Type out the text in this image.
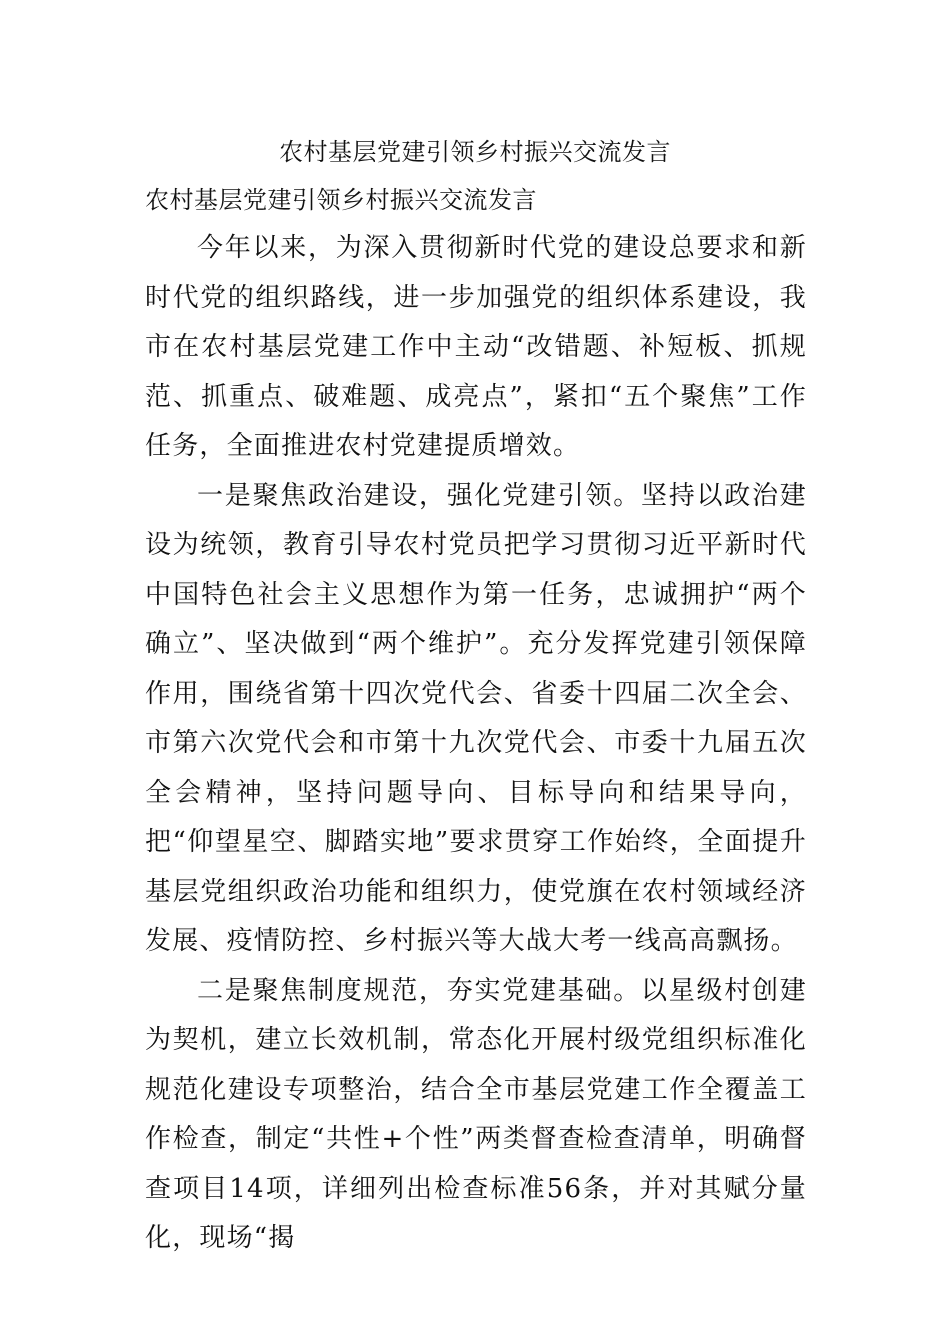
农村基层党建引领乡村振兴交流发言
农村基层党建引领乡村振兴交流发言

今年以来，为深入贯彻新时代党的建设总要求和新时代党的组织路线，进一步加强党的组织体系建设，我市在农村基层党建工作中主动“改错题、补短板、抓规范、抓重点、破难题、成亮点”，紧扣“五个聚焦”工作任务，全面推进农村党建提质增效。

一是聚焦政治建设，强化党建引领。坚持以政治建设为统领，教育引导农村党员把学习贯彻习近平新时代中国特色社会主义思想作为第一任务，忠诚拥护“两个确立”、坚决做到“两个维护”。充分发挥党建引领保障作用，围绕省第十四次党代会、省委十四届二次全会、市第六次党代会和市第十九次党代会、市委十九届五次全会精神，坚持问题导向、目标导向和结果导向，把“仰望星空、脚踏实地”要求贯穿工作始终，全面提升基层党组织政治功能和组织力，使党旗在农村领域经济发展、疫情防控、乡村振兴等大战大考一线高高飘扬。

二是聚焦制度规范，夯实党建基础。以星级村创建为契机，建立长效机制，常态化开展村级党组织标准化规范化建设专项整治，结合全市基层党建工作全覆盖工作检查，制定“共性+个性”两类督查检查清单，明确督查项目14项，详细列出检查标准56条，并对其赋分量化，现场“揭
